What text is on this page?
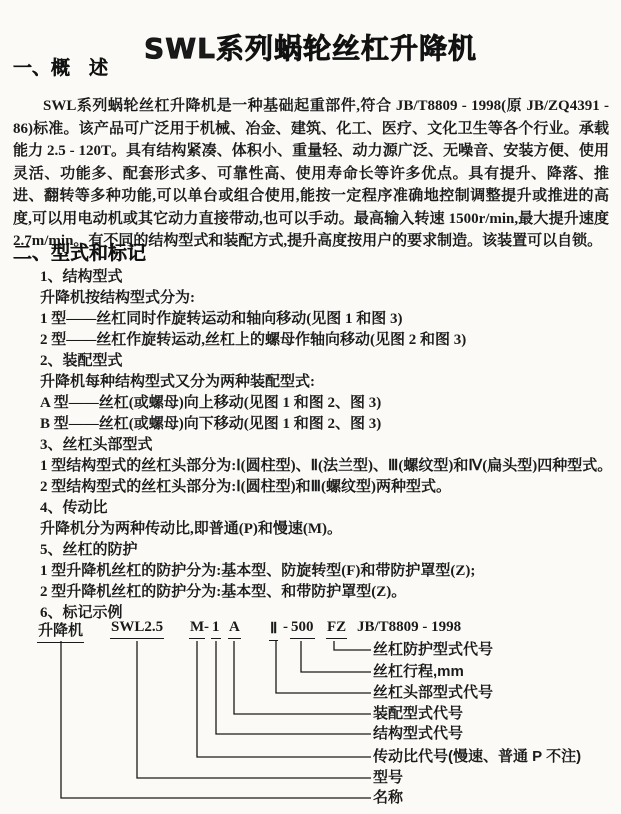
SWL系列蜗轮丝杠升降机
一、概　述

SWL系列蜗轮丝杠升降机是一种基础起重部件,符合 JB/T8809 - 1998(原 JB/ZQ4391 - 86)标准。该产品可广泛用于机械、冶金、建筑、化工、医疗、文化卫生等各个行业。承载能力 2.5 - 120T。具有结构紧凑、体积小、重量轻、动力源广泛、无噪音、安装方便、使用灵活、功能多、配套形式多、可靠性高、使用寿命长等许多优点。具有提升、降落、推进、翻转等多种功能,可以单台或组合使用,能按一定程序准确地控制调整提升或推进的高度,可以用电动机或其它动力直接带动,也可以手动。最高输入转速 1500r/min,最大提升速度 2.7m/min。有不同的结构型式和装配方式,提升高度按用户的要求制造。该装置可以自锁。

二、型式和标记
1、结构型式
升降机按结构型式分为:
1 型——丝杠同时作旋转运动和轴向移动(见图 1 和图 3)
2 型——丝杠作旋转运动,丝杠上的螺母作轴向移动(见图 2 和图 3)
2、装配型式
升降机每种结构型式又分为两种装配型式:
A 型——丝杠(或螺母)向上移动(见图 1 和图 2、图 3)
B 型——丝杠(或螺母)向下移动(见图 1 和图 2、图 3)
3、丝杠头部型式
1 型结构型式的丝杠头部分为:Ⅰ(圆柱型)、Ⅱ(法兰型)、Ⅲ(螺纹型)和Ⅳ(扁头型)四种型式。
2 型结构型式的丝杠头部分为:Ⅰ(圆柱型)和Ⅲ(螺纹型)两种型式。
4、传动比
升降机分为两种传动比,即普通(P)和慢速(M)。
5、丝杠的防护
1 型升降机丝杠的防护分为:基本型、防旋转型(F)和带防护罩型(Z);
2 型升降机丝杠的防护分为:基本型、和带防护罩型(Z)。
6、标记示例
升降机 SWL2.5 M - 1 A Ⅱ - 500 FZ JB/T8809 - 1998
丝杠防护型式代号
丝杠行程,mm
丝杠头部型式代号
装配型式代号
结构型式代号
传动比代号(慢速、普通 P 不注)
型号
名称
